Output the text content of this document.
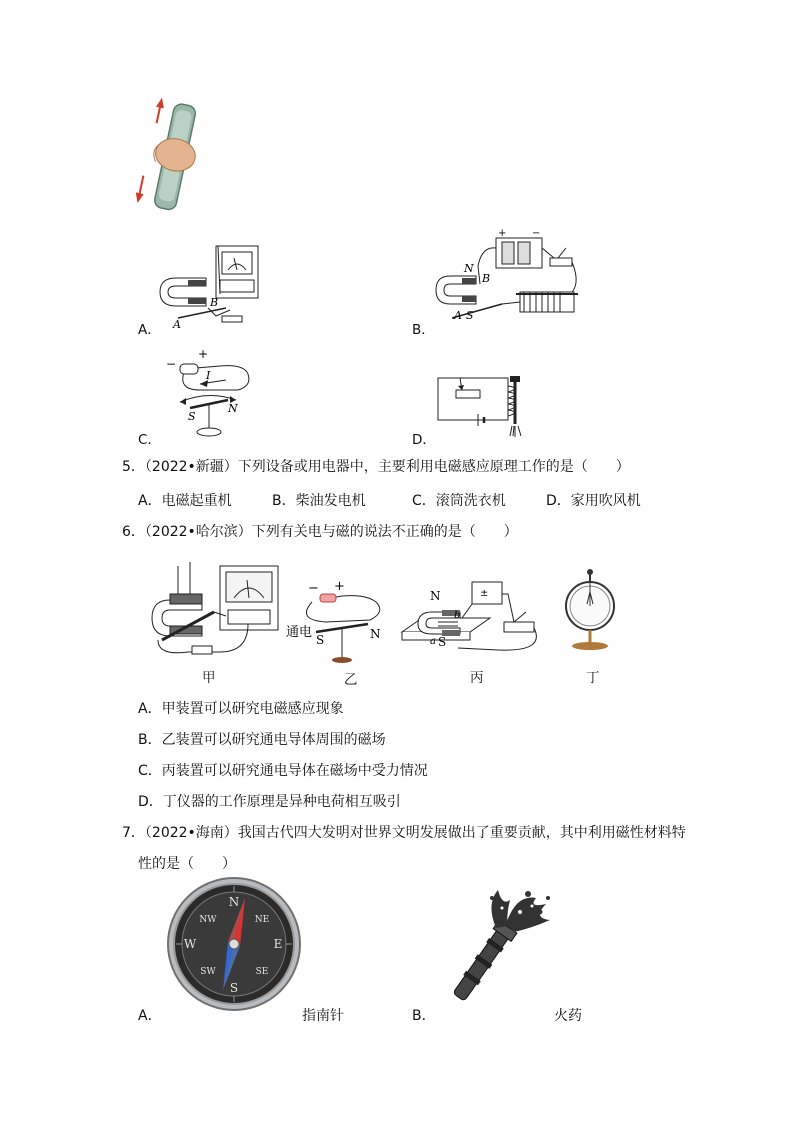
A． A
B
B．
+	−
N
B
A S
C．
−
+
I
S
N
D．
5．（2022•新疆）下列设备或用电器中，主要利用电磁感应原理工作的是（　　）
A．电磁起重机	B．柴油发电机	C．滚筒洗衣机	D．家用吹风机
6．（2022•哈尔滨）下列有关电与磁的说法不正确的是（　　）
甲
− +
通电 S	N
乙
±
N
b
a S
丙	丁
A．甲装置可以研究电磁感应现象
B．乙装置可以研究通电导体周围的磁场
C．丙装置可以研究通电导体在磁场中受力情况
D．丁仪器的工作原理是异种电荷相互吸引
7．（2022•海南）我国古代四大发明对世界文明发展做出了重要贡献，其中利用磁性材料特
性的是（　　）
N
S
E
W
NE
NW
SE
SW
A．	指南针	B．	火药
